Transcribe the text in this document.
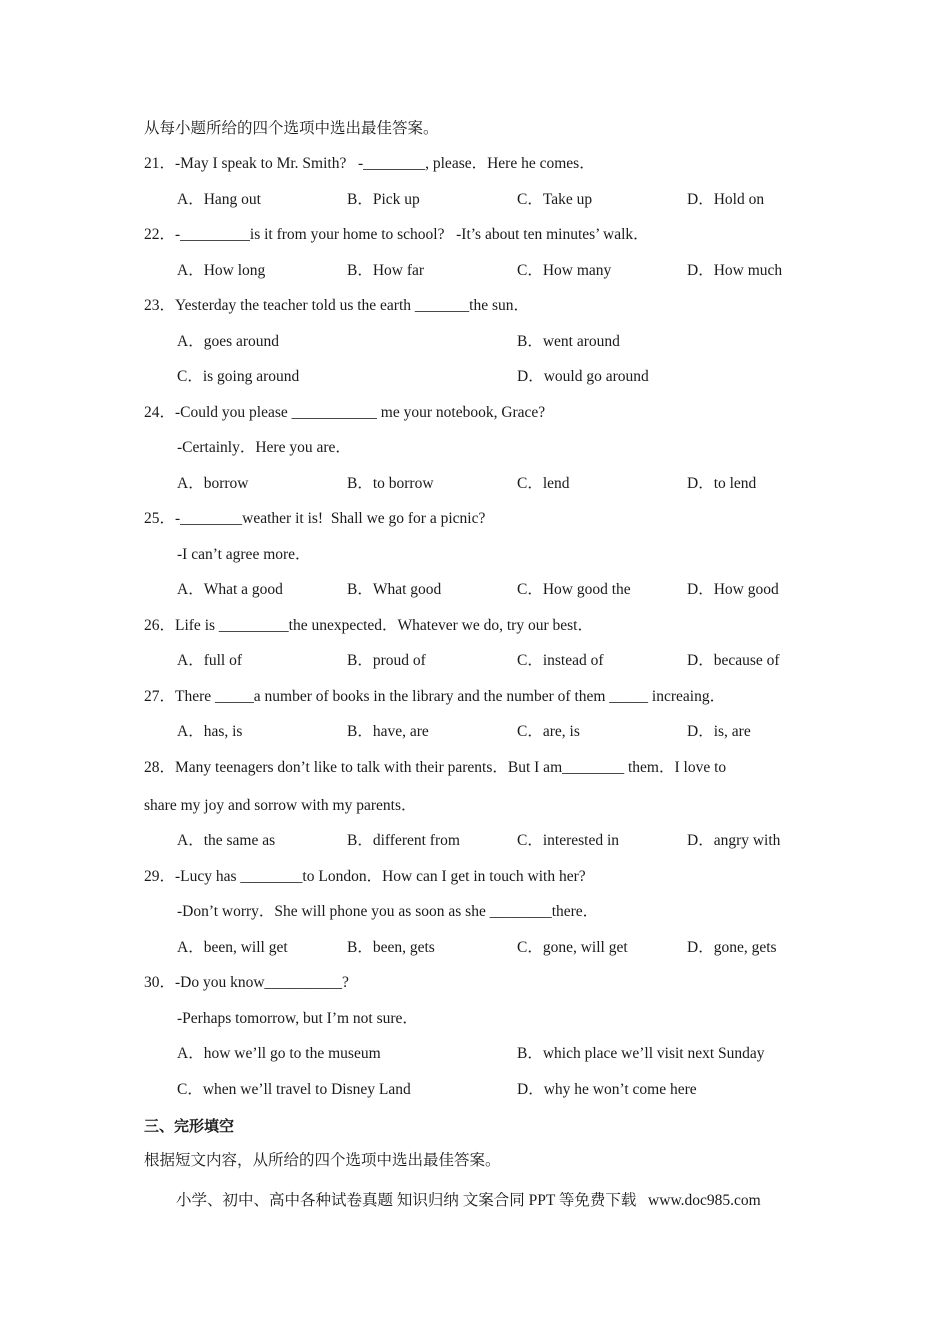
从每小题所给的四个选项中选出最佳答案。
21．-May I speak to Mr. Smith?   -________, please．Here he comes．
A．Hang out	B．Pick up	C．Take up	D．Hold on
22．-_________is it from your home to school?   -It’s about ten minutes’ walk．
A．How long	B．How far	C．How many	D．How much
23．Yesterday the teacher told us the earth _______the sun．
A．goes around	B．went around
C．is going around	D．would go around
24．-Could you please ___________ me your notebook, Grace?
-Certainly．Here you are．
A．borrow	B．to borrow	C．lend	D．to lend
25．-________weather it is!  Shall we go for a picnic?
-I can’t agree more．
A．What a good	B．What good	C．How good the	D．How good
26．Life is _________the unexpected．Whatever we do, try our best．
A．full of	B．proud of	C．instead of	D．because of
27．There _____a number of books in the library and the number of them _____ increaing．
A．has, is	B．have, are	C．are, is	D．is, are
28．Many teenagers don’t like to talk with their parents．But I am________ them．I love to
share my joy and sorrow with my parents．
A．the same as	B．different from	C．interested in	D．angry with
29．-Lucy has ________to London．How can I get in touch with her?
-Don’t worry．She will phone you as soon as she ________there．
A．been, will get	B．been, gets	C．gone, will get	D．gone, gets
30．-Do you know__________?
-Perhaps tomorrow, but I’m not sure．
A．how we’ll go to the museum	B．which place we’ll visit next Sunday
C．when we’ll travel to Disney Land	D．why he won’t come here
三、完形填空
根据短文内容，从所给的四个选项中选出最佳答案。
小学、初中、高中各种试卷真题 知识归纳 文案合同 PPT 等免费下载   www.doc985.com
